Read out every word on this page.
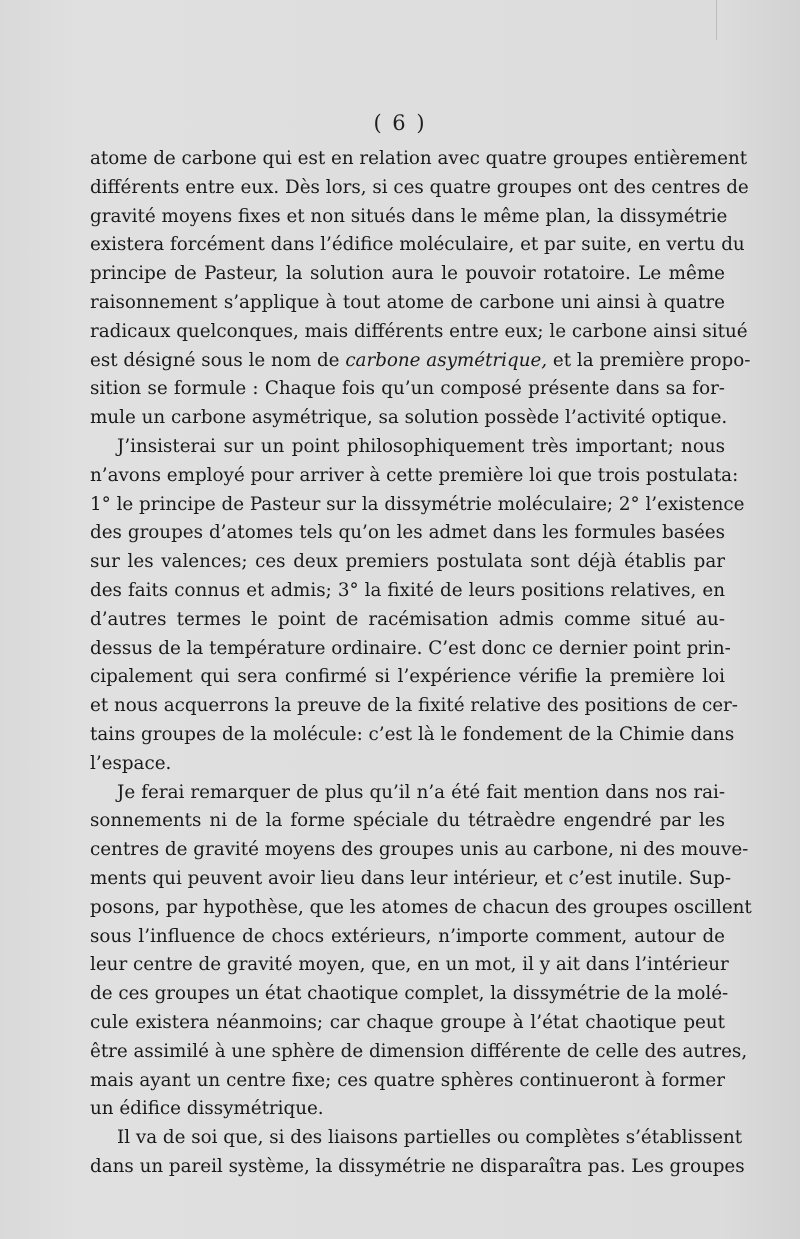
( 6 )
atome de carbone qui est en relation avec quatre groupes entièrement
différents entre eux. Dès lors, si ces quatre groupes ont des centres de
gravité moyens fixes et non situés dans le même plan, la dissymétrie
existera forcément dans l’édifice moléculaire, et par suite, en vertu du
principe de Pasteur, la solution aura le pouvoir rotatoire. Le même
raisonnement s’applique à tout atome de carbone uni ainsi à quatre
radicaux quelconques, mais différents entre eux; le carbone ainsi situé
est désigné sous le nom de carbone asymétrique, et la première propo-
sition se formule : Chaque fois qu’un composé présente dans sa for-
mule un carbone asymétrique, sa solution possède l’activité optique.
J’insisterai sur un point philosophiquement très important; nous
n’avons employé pour arriver à cette première loi que trois postulata:
1° le principe de Pasteur sur la dissymétrie moléculaire; 2° l’existence
des groupes d’atomes tels qu’on les admet dans les formules basées
sur les valences; ces deux premiers postulata sont déjà établis par
des faits connus et admis; 3° la fixité de leurs positions relatives, en
d’autres termes le point de racémisation admis comme situé au-
dessus de la température ordinaire. C’est donc ce dernier point prin-
cipalement qui sera confirmé si l’expérience vérifie la première loi
et nous acquerrons la preuve de la fixité relative des positions de cer-
tains groupes de la molécule: c’est là le fondement de la Chimie dans
l’espace.
Je ferai remarquer de plus qu’il n’a été fait mention dans nos rai-
sonnements ni de la forme spéciale du tétraèdre engendré par les
centres de gravité moyens des groupes unis au carbone, ni des mouve-
ments qui peuvent avoir lieu dans leur intérieur, et c’est inutile. Sup-
posons, par hypothèse, que les atomes de chacun des groupes oscillent
sous l’influence de chocs extérieurs, n’importe comment, autour de
leur centre de gravité moyen, que, en un mot, il y ait dans l’intérieur
de ces groupes un état chaotique complet, la dissymétrie de la molé-
cule existera néanmoins; car chaque groupe à l’état chaotique peut
être assimilé à une sphère de dimension différente de celle des autres,
mais ayant un centre fixe; ces quatre sphères continueront à former
un édifice dissymétrique.
Il va de soi que, si des liaisons partielles ou complètes s’établissent
dans un pareil système, la dissymétrie ne disparaîtra pas. Les groupes
